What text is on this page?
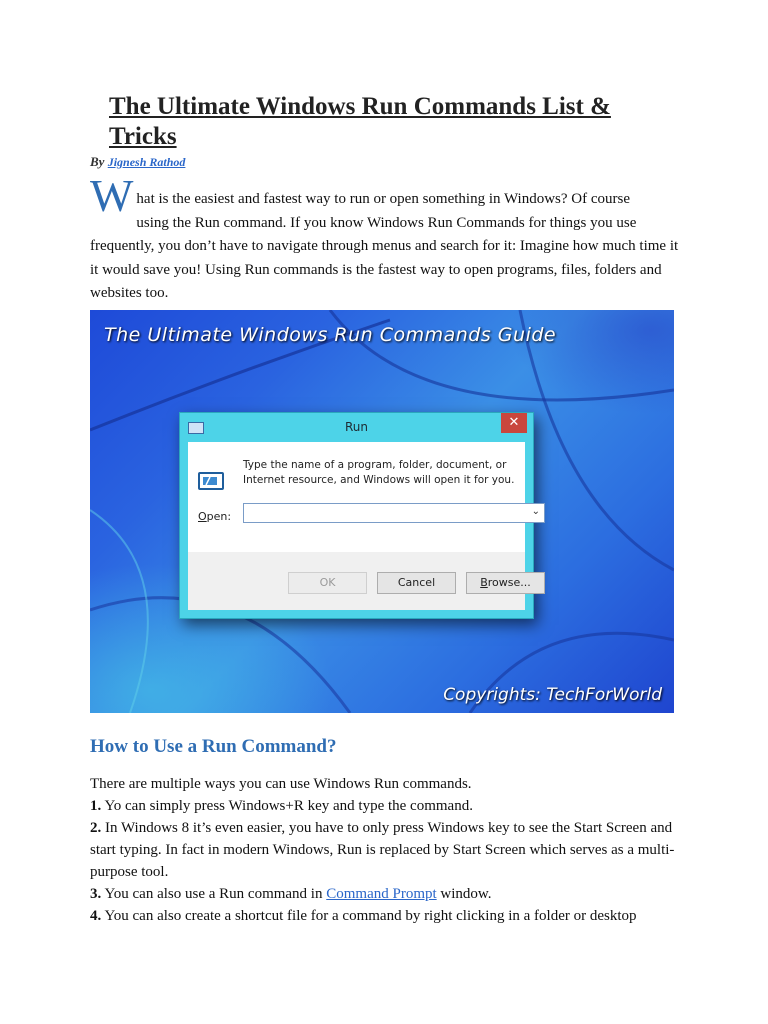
The Ultimate Windows Run Commands List & Tricks
By Jignesh Rathod
W hat is the easiest and fastest way to run or open something in Windows? Of course
using the Run command. If you know Windows Run Commands for things you use frequently, you don’t have to navigate through menus and search for it: Imagine how much time it it would save you! Using Run commands is the fastest way to open programs, files, folders and websites too.
The Ultimate Windows Run Commands Guide
Run	✕
Type the name of a program, folder, document, or Internet resource, and Windows will open it for you.
Open:	⌄
OK	Cancel	Browse...
Copyrights: TechForWorld
How to Use a Run Command?

There are multiple ways you can use Windows Run commands.

1. Yo can simply press Windows+R key and type the command.

2. In Windows 8 it’s even easier, you have to only press Windows key to see the Start Screen and start typing. In fact in modern Windows, Run is replaced by Start Screen which serves as a multi-purpose tool.

3. You can also use a Run command in Command Prompt window.

4. You can also create a shortcut file for a command by right clicking in a folder or desktop
